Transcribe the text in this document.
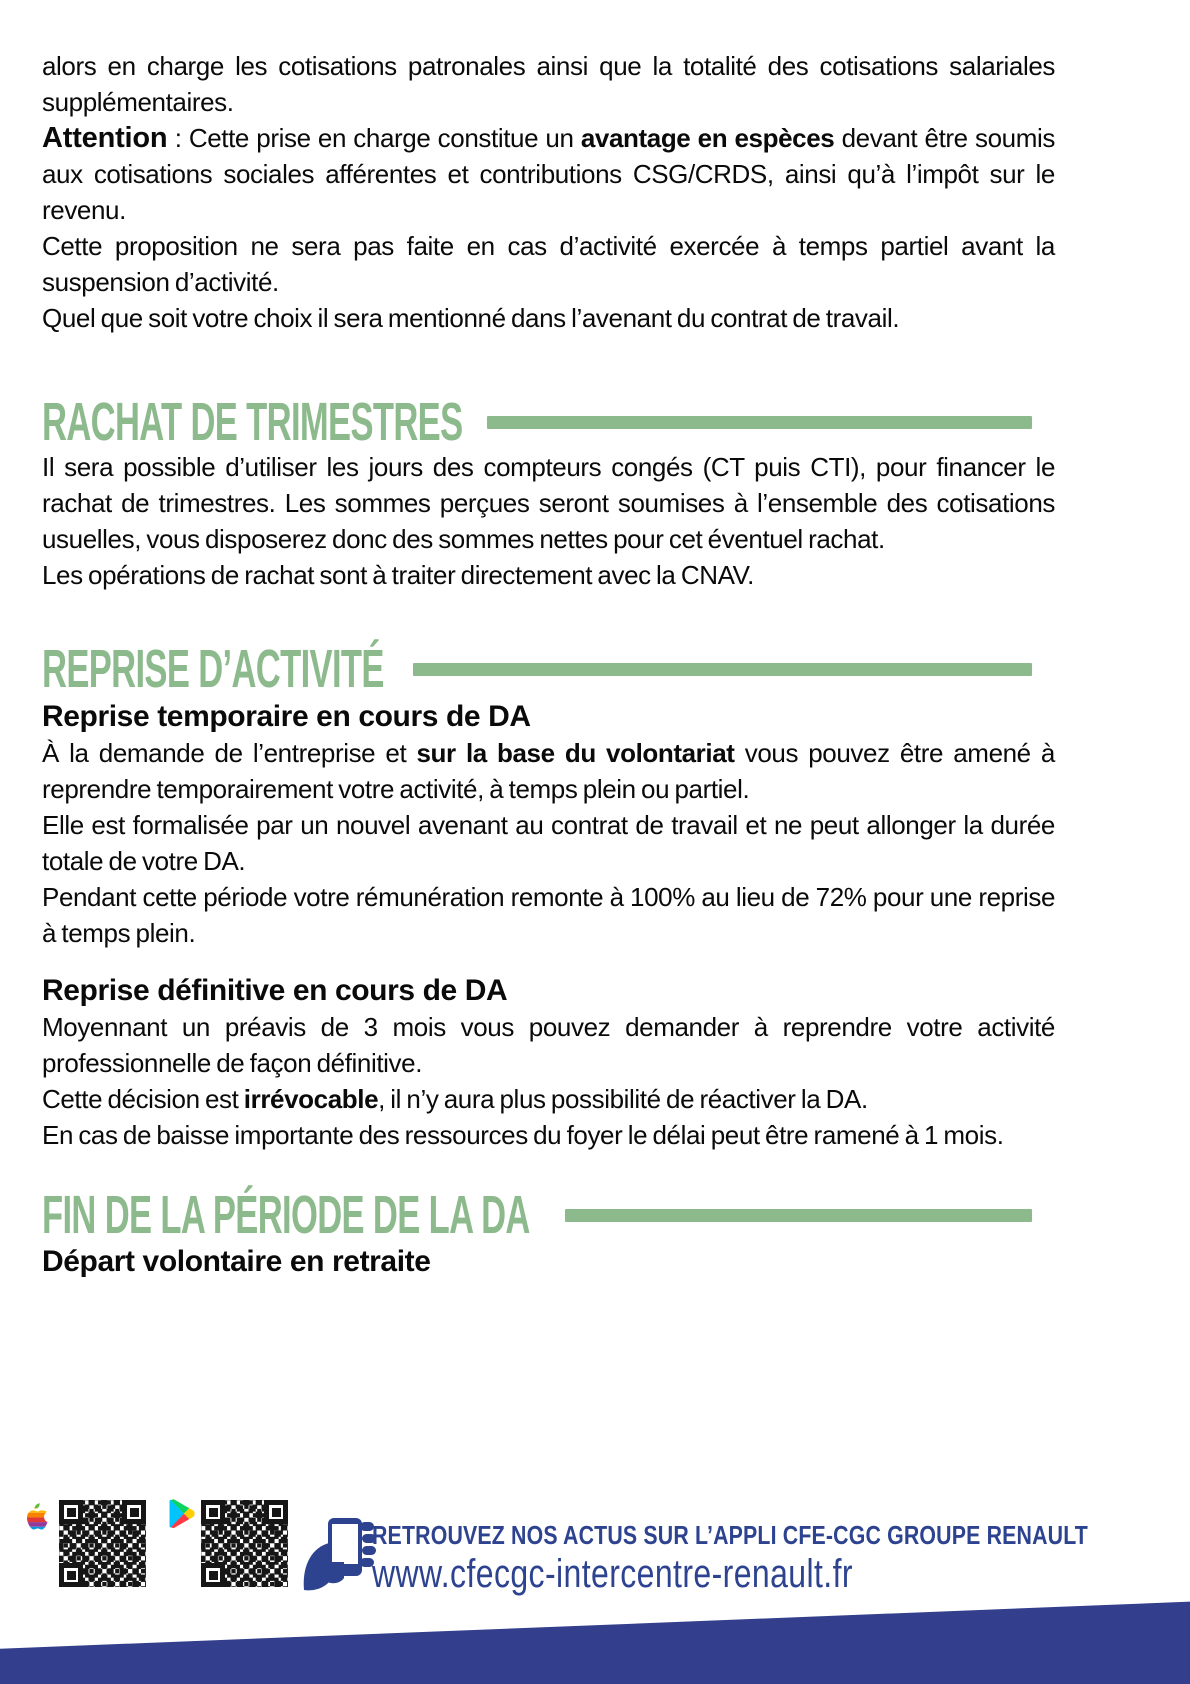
alors en charge les cotisations patronales ainsi que la totalité des cotisations salariales supplémentaires.

Attention : Cette prise en charge constitue un avantage en espèces devant être soumis aux cotisations sociales afférentes et contributions CSG/CRDS, ainsi qu’à l’impôt sur le revenu.

Cette proposition ne sera pas faite en cas d’activité exercée à temps partiel avant la suspension d’activité.

Quel que soit votre choix il sera mentionné dans l’avenant du contrat de travail.

RACHAT DE TRIMESTRES

Il sera possible d’utiliser les jours des compteurs congés (CT puis CTI), pour financer le rachat de trimestres. Les sommes perçues seront soumises à l’ensemble des cotisations usuelles, vous disposerez donc des sommes nettes pour cet éventuel rachat.

Les opérations de rachat sont à traiter directement avec la CNAV.

REPRISE D’ACTIVITÉ

Reprise temporaire en cours de DA

À la demande de l’entreprise et sur la base du volontariat vous pouvez être amené à reprendre temporairement votre activité, à temps plein ou partiel.

Elle est formalisée par un nouvel avenant au contrat de travail et ne peut allonger la durée totale de votre DA.

Pendant cette période votre rémunération remonte à 100% au lieu de 72% pour une reprise à temps plein.

Reprise définitive en cours de DA

Moyennant un préavis de 3 mois vous pouvez demander à reprendre votre activité professionnelle de façon définitive.

Cette décision est irrévocable, il n’y aura plus possibilité de réactiver la DA.

En cas de baisse importante des ressources du foyer le délai peut être ramené à 1 mois.

FIN DE LA PÉRIODE DE LA DA

Départ volontaire en retraite

RETROUVEZ NOS ACTUS SUR L’APPLI CFE-CGC GROUPE RENAULT
www.cfecgc-intercentre-renault.fr
